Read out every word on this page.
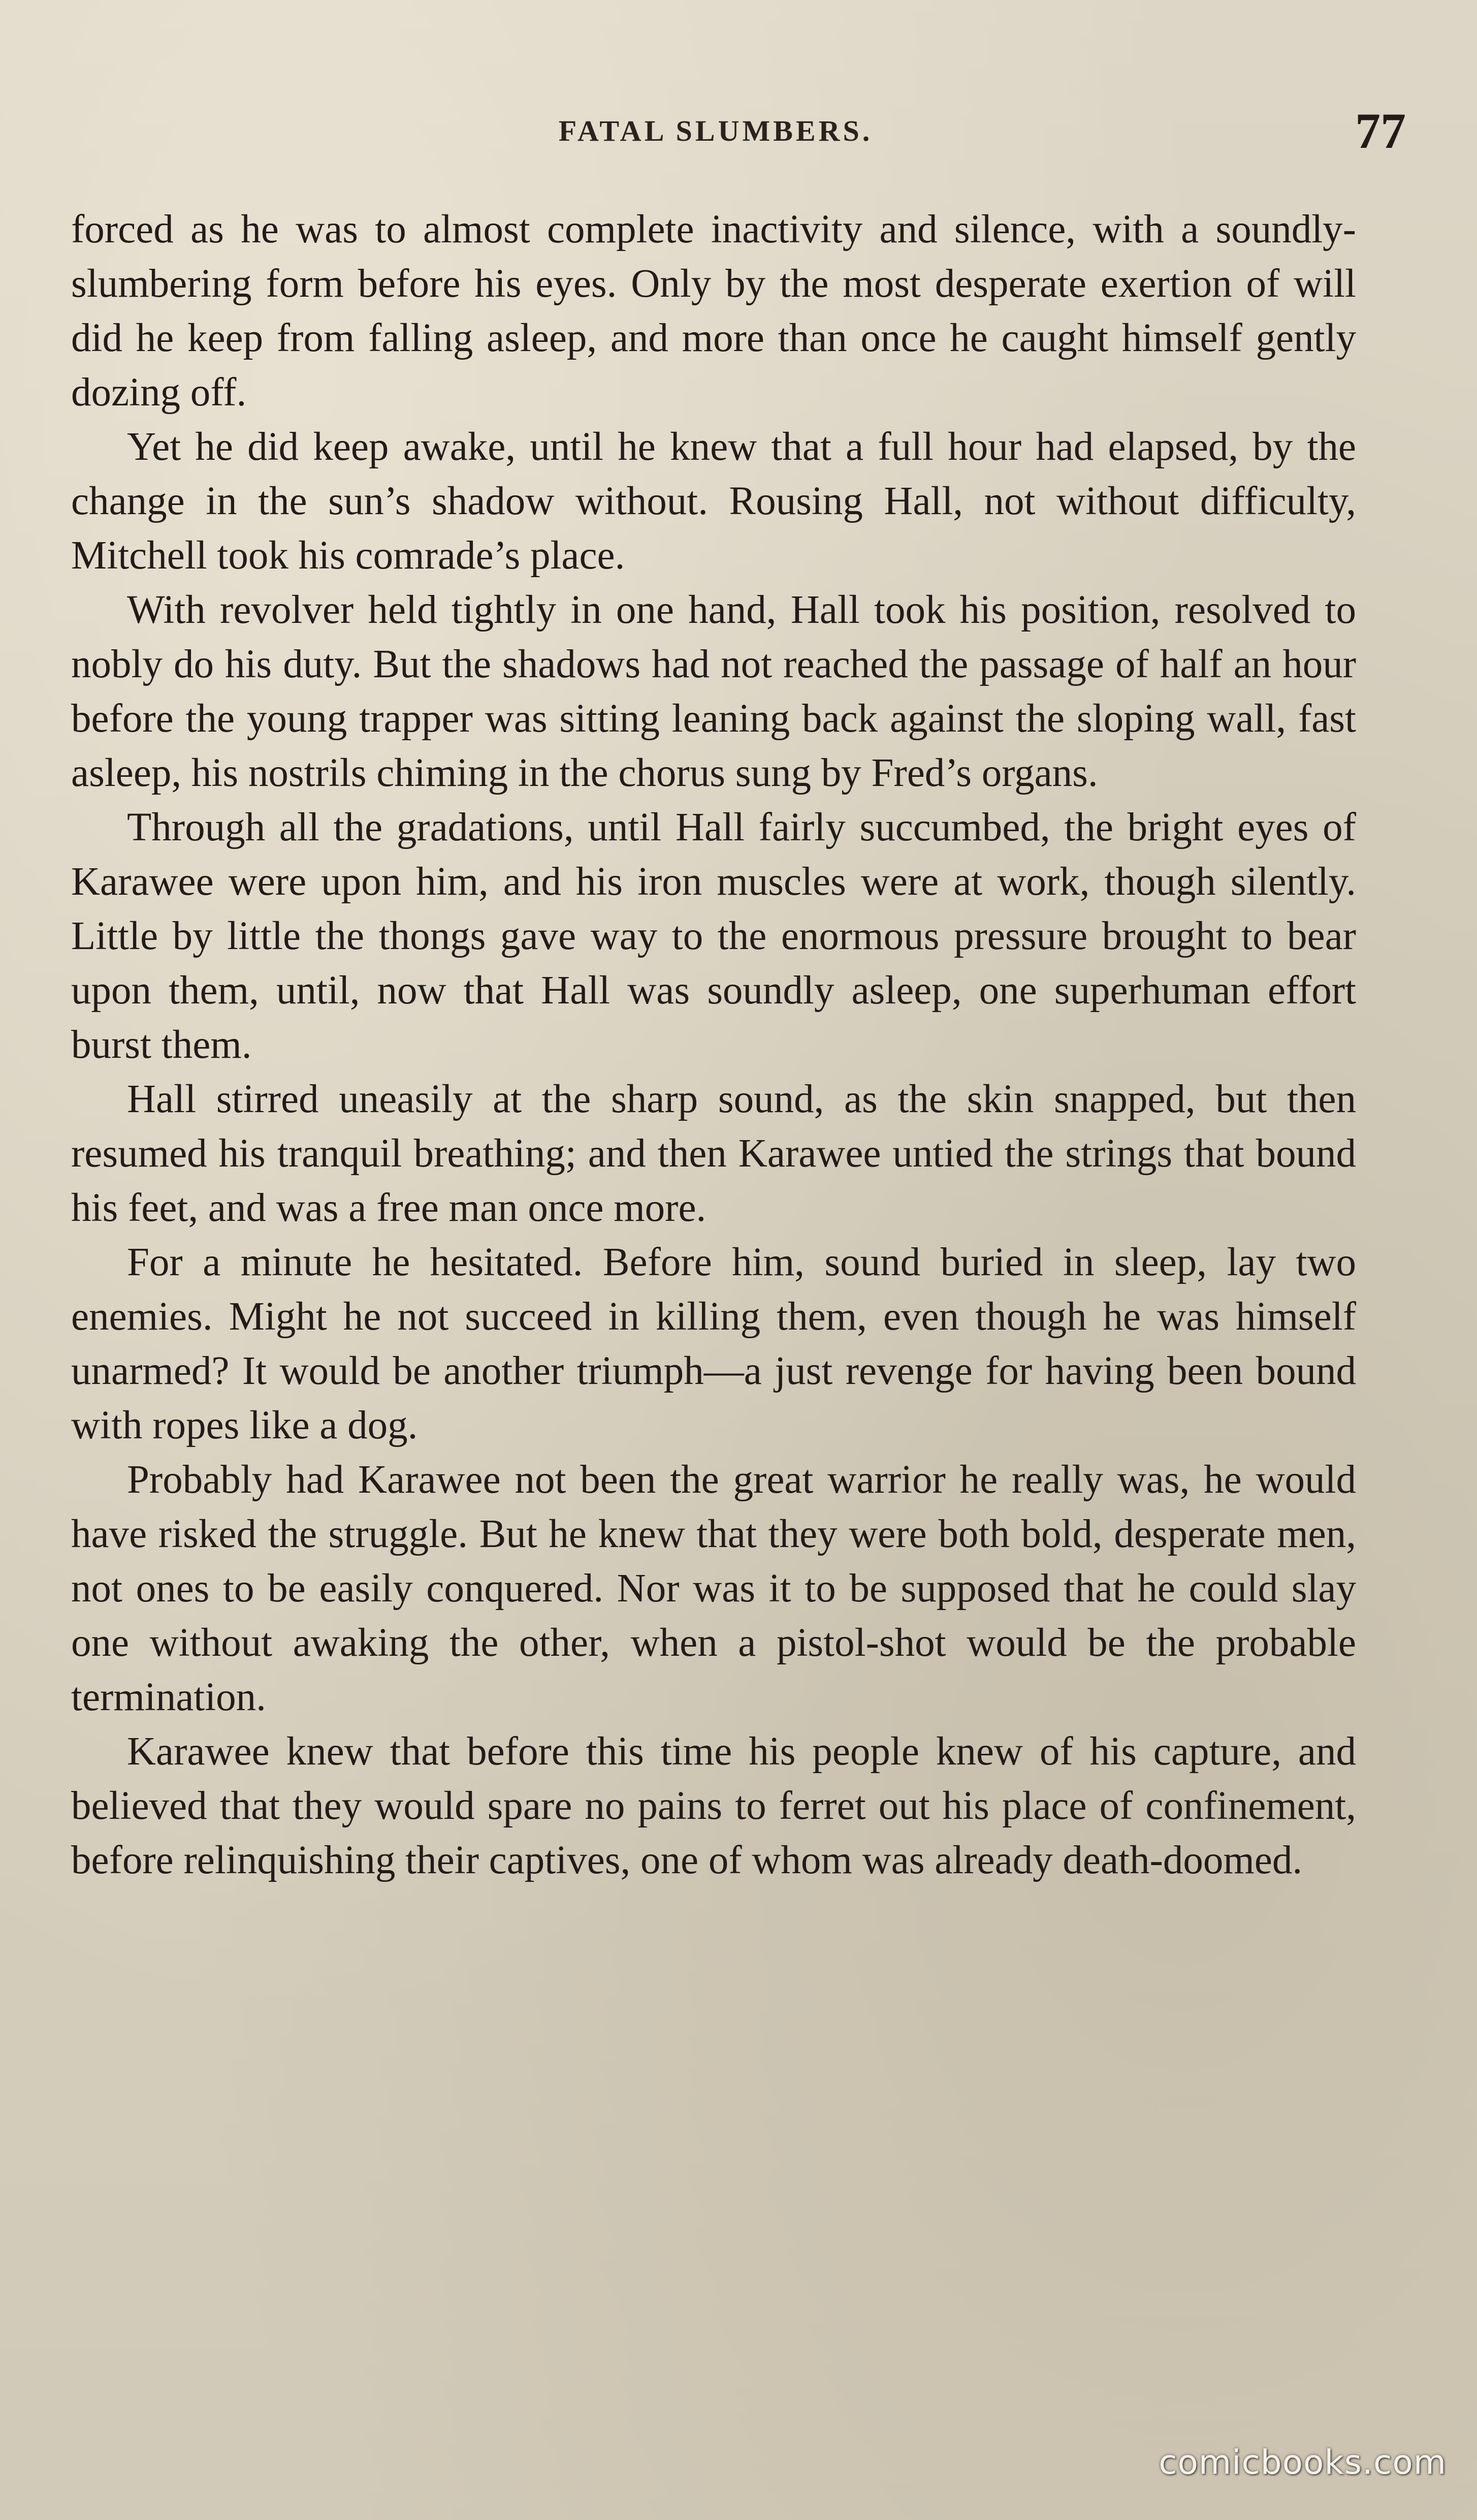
FATAL SLUMBERS.	77

forced as he was to almost complete inactivity and silence, with a soundly-slumbering form before his eyes. Only by the most desperate exertion of will did he keep from falling asleep, and more than once he caught himself gently dozing off.

Yet he did keep awake, until he knew that a full hour had elapsed, by the change in the sun’s shadow without. Rousing Hall, not without difficulty, Mitchell took his comrade’s place.

With revolver held tightly in one hand, Hall took his position, resolved to nobly do his duty. But the shadows had not reached the passage of half an hour before the young trapper was sitting leaning back against the sloping wall, fast asleep, his nostrils chiming in the chorus sung by Fred’s organs.

Through all the gradations, until Hall fairly succumbed, the bright eyes of Karawee were upon him, and his iron muscles were at work, though silently. Little by little the thongs gave way to the enormous pressure brought to bear upon them, until, now that Hall was soundly asleep, one superhuman effort burst them.

Hall stirred uneasily at the sharp sound, as the skin snapped, but then resumed his tranquil breathing; and then Karawee untied the strings that bound his feet, and was a free man once more.

For a minute he hesitated. Before him, sound buried in sleep, lay two enemies. Might he not succeed in killing them, even though he was himself unarmed? It would be another triumph—a just revenge for having been bound with ropes like a dog.

Probably had Karawee not been the great warrior he really was, he would have risked the struggle. But he knew that they were both bold, desperate men, not ones to be easily conquered. Nor was it to be supposed that he could slay one without awaking the other, when a pistol-shot would be the probable termination.

Karawee knew that before this time his people knew of his capture, and believed that they would spare no pains to ferret out his place of confinement, before relinquishing their captives, one of whom was already death-doomed.

comicbooks.com
